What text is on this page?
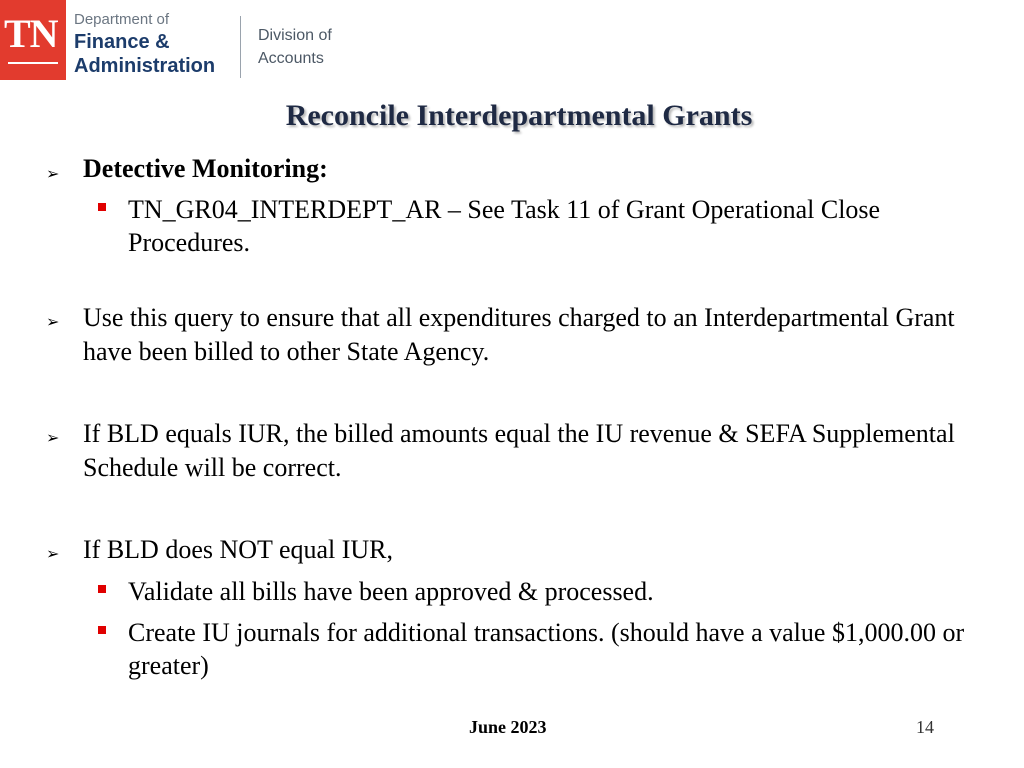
TN Department of
Finance &
Administration
Division of
Accounts
Reconcile Interdepartmental Grants
➢ Detective Monitoring:
TN_GR04_INTERDEPT_AR – See Task 11 of Grant Operational Close Procedures.
➢ Use this query to ensure that all expenditures charged to an Interdepartmental Grant have been billed to other State Agency.
➢ If BLD equals IUR, the billed amounts equal the IU revenue & SEFA Supplemental Schedule will be correct.
➢ If BLD does NOT equal IUR,
Validate all bills have been approved & processed.
Create IU journals for additional transactions. (should have a value $1,000.00 or greater)
June 2023	14
